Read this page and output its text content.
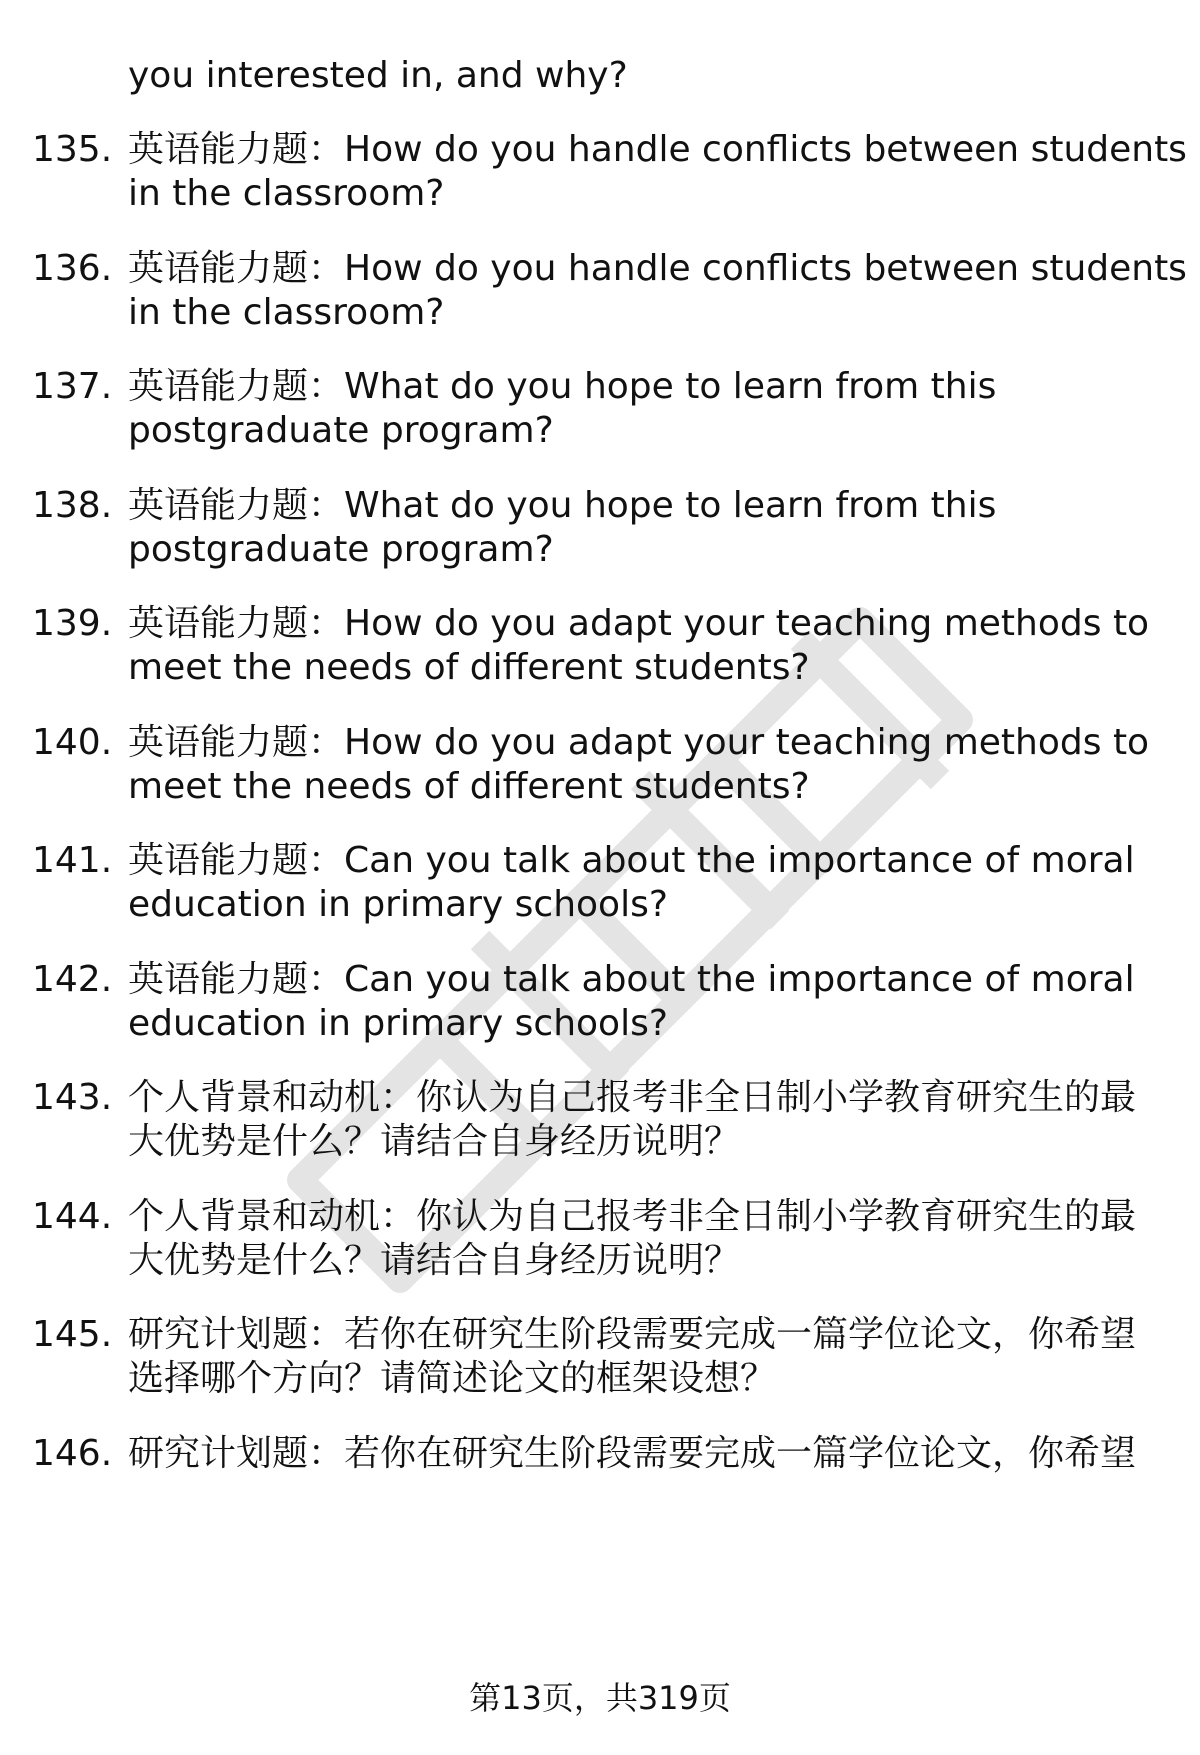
you interested in, and why?
135. 英语能力题：How do you handle conflicts between students
in the classroom?
136. 英语能力题：How do you handle conflicts between students
in the classroom?
137. 英语能力题：What do you hope to learn from this
postgraduate program?
138. 英语能力题：What do you hope to learn from this
postgraduate program?
139. 英语能力题：How do you adapt your teaching methods to
meet the needs of different students?
140. 英语能力题：How do you adapt your teaching methods to
meet the needs of different students?
141. 英语能力题：Can you talk about the importance of moral
education in primary schools?
142. 英语能力题：Can you talk about the importance of moral
education in primary schools?
143. 个人背景和动机：你认为自己报考非全日制小学教育研究生的最
大优势是什么？请结合自身经历说明？
144. 个人背景和动机：你认为自己报考非全日制小学教育研究生的最
大优势是什么？请结合自身经历说明？
145. 研究计划题：若你在研究生阶段需要完成一篇学位论文，你希望
选择哪个方向？请简述论文的框架设想？
146. 研究计划题：若你在研究生阶段需要完成一篇学位论文，你希望
第13页，共319页
